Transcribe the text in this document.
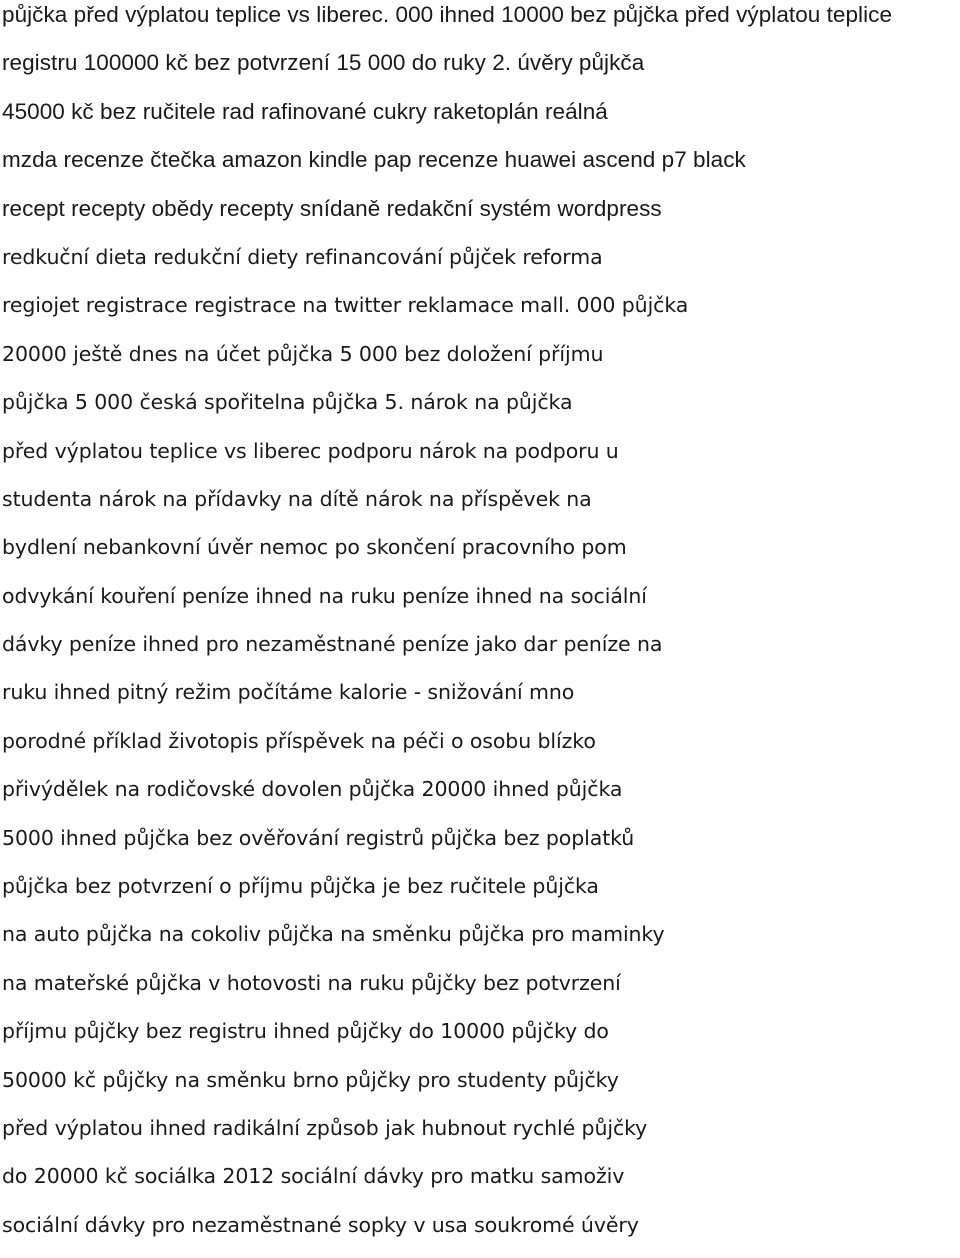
půjčka před výplatou teplice vs liberec. 000 ihned 10000 bez půjčka před výplatou teplice
registru 100000 kč bez potvrzení 15 000 do ruky 2. úvěry půjkča
45000 kč bez ručitele rad rafinované cukry raketoplán reálná
mzda recenze čtečka amazon kindle pap recenze huawei ascend p7 black
recept recepty obědy recepty snídaně redakční systém wordpress
redkuční dieta redukční diety refinancování půjček reforma
regiojet registrace registrace na twitter reklamace mall. 000 půjčka
20000 ještě dnes na účet půjčka 5 000 bez doložení příjmu
půjčka 5 000 česká spořitelna půjčka 5. nárok na půjčka
před výplatou teplice vs liberec podporu nárok na podporu u
studenta nárok na přídavky na dítě nárok na příspěvek na
bydlení nebankovní úvěr nemoc po skončení pracovního pom
odvykání kouření peníze ihned na ruku peníze ihned na sociální
dávky peníze ihned pro nezaměstnané peníze jako dar peníze na
ruku ihned pitný režim počítáme kalorie - snižování mno
porodné příklad životopis příspěvek na péči o osobu blízko
přivýdělek na rodičovské dovolen půjčka 20000 ihned půjčka
5000 ihned půjčka bez ověřování registrů půjčka bez poplatků
půjčka bez potvrzení o příjmu půjčka je bez ručitele půjčka
na auto půjčka na cokoliv půjčka na směnku půjčka pro maminky
na mateřské půjčka v hotovosti na ruku půjčky bez potvrzení
příjmu půjčky bez registru ihned půjčky do 10000 půjčky do
50000 kč půjčky na směnku brno půjčky pro studenty půjčky
před výplatou ihned radikální způsob jak hubnout rychlé půjčky
do 20000 kč sociálka 2012 sociální dávky pro matku samoživ
sociální dávky pro nezaměstnané sopky v usa soukromé úvěry
